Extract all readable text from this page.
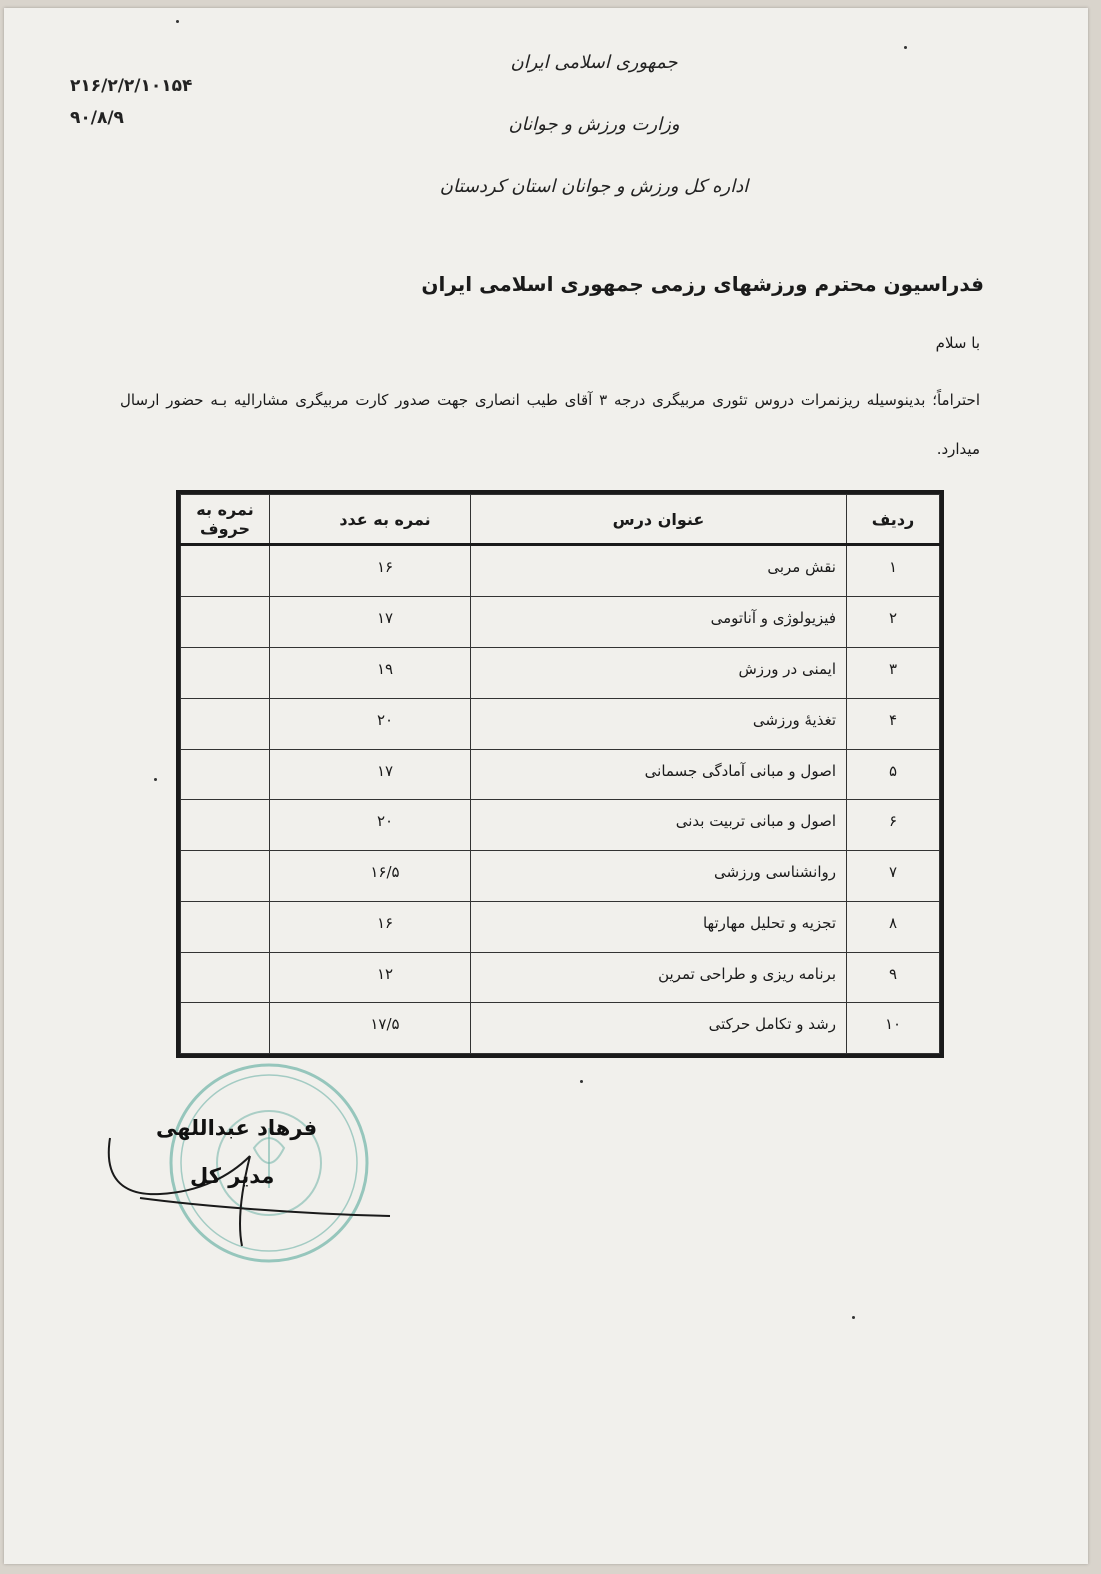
۲۱۶/۲/۲/۱۰۱۵۴
۹۰/۸/۹
جمهوری اسلامی ایران
وزارت ورزش و جوانان
اداره کل ورزش و جوانان استان کردستان
فدراسیون محترم ورزشهای رزمی جمهوری اسلامی ایران
با سلام
احتراماً؛ بدینوسیله ریزنمرات دروس تئوری مربیگری درجه ۳ آقای طیب انصاری جهت صدور کارت مربیگری مشارالیه بـه حضور ارسال میدارد.
ردیف	عنوان درس	نمره به عدد	نمره به حروف
۱	نقش مربی	۱۶	
۲	فیزیولوژی و آناتومی	۱۷	
۳	ایمنی در ورزش	۱۹	
۴	تغذیهٔ ورزشی	۲۰	
۵	اصول و مبانی آمادگی جسمانی	۱۷	
۶	اصول و مبانی تربیت بدنی	۲۰	
۷	روانشناسی ورزشی	۱۶/۵	
۸	تجزیه و تحلیل مهارتها	۱۶	
۹	برنامه ریزی و طراحی تمرین	۱۲	
۱۰	رشد و تکامل حرکتی	۱۷/۵	
فرهاد عبداللهی
مدیر کل
